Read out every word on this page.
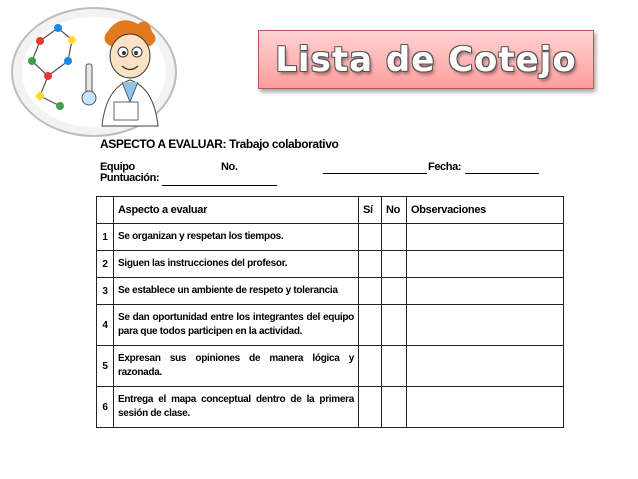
Lista de Cotejo
ASPECTO A EVALUAR: Trabajo colaborativo
Equipo	No.	Fecha:
Puntuación:
	Aspecto a evaluar	Sí	No	Observaciones
1	Se organizan y respetan los tiempos.			
2	Siguen las instrucciones del profesor.			
3	Se establece un ambiente de respeto y tolerancia			
4	Se dan oportunidad entre los integrantes del equipo para que todos participen en la actividad.			
5	Expresan sus opiniones de manera lógica y razonada.			
6	Entrega el mapa conceptual dentro de la primera sesión de clase.			
